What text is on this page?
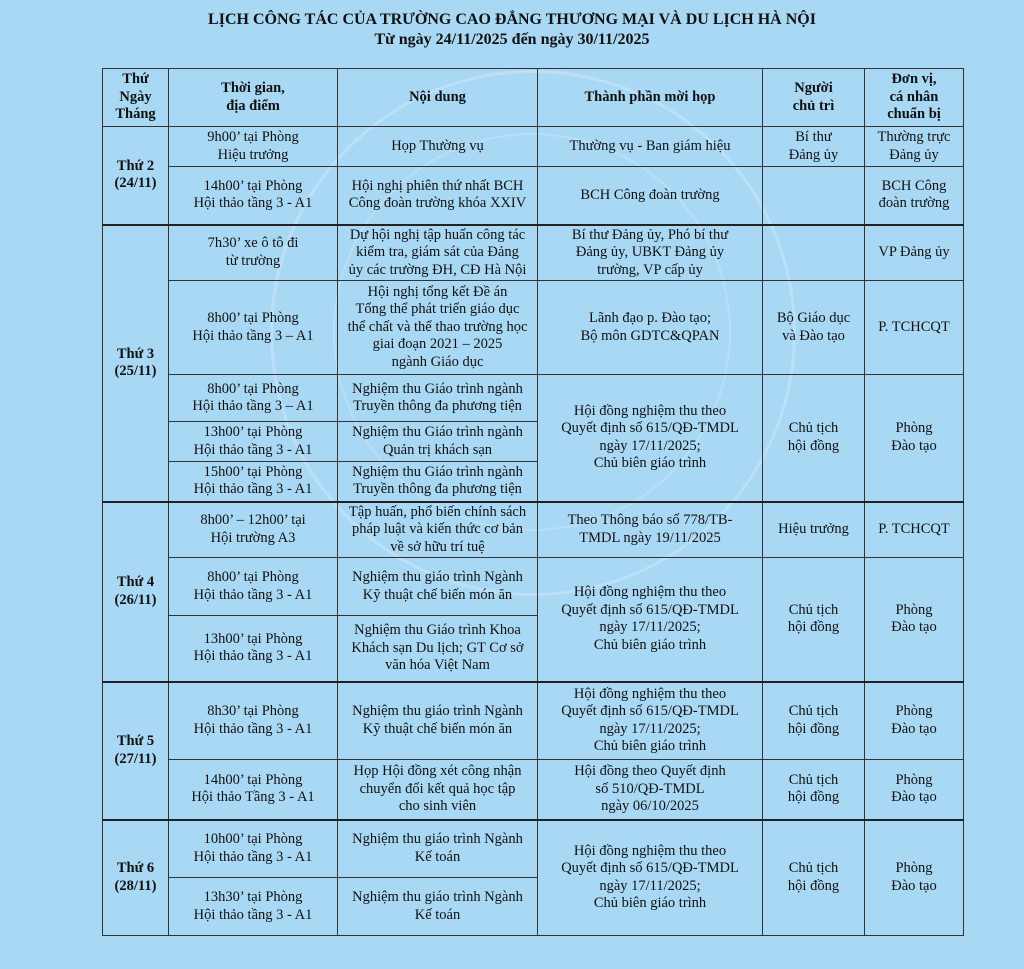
LỊCH CÔNG TÁC CỦA TRƯỜNG CAO ĐẲNG THƯƠNG MẠI VÀ DU LỊCH HÀ NỘI
Từ ngày 24/11/2025 đến ngày 30/11/2025
Thứ
Ngày
Tháng	Thời gian,
địa điểm	Nội dung	Thành phần mời họp	Người
chủ trì	Đơn vị,
cá nhân
chuẩn bị
Thứ 2
(24/11)	9h00’ tại Phòng
Hiệu trưởng	Họp Thường vụ	Thường vụ - Ban giám hiệu	Bí thư
Đảng ủy	Thường trực
Đảng ủy
	14h00’ tại Phòng
Hội thảo tầng 3 - A1	Hội nghị phiên thứ nhất BCH
Công đoàn trường khóa XXIV	BCH Công đoàn trường		BCH Công
đoàn trường
Thứ 3
(25/11)	7h30’ xe ô tô đi
từ trường	Dự hội nghị tập huấn công tác
kiểm tra, giám sát của Đảng
ủy các trường ĐH, CĐ Hà Nội	Bí thư Đảng ủy, Phó bí thư
Đảng ủy, UBKT Đảng ủy
trường, VP cấp ủy		VP Đảng ủy
	8h00’ tại Phòng
Hội thảo tầng 3 – A1	Hội nghị tổng kết Đề án
Tổng thể phát triển giáo dục
thể chất và thể thao trường học
giai đoạn 2021 – 2025
ngành Giáo dục	Lãnh đạo p. Đào tạo;
Bộ môn GDTC&QPAN	Bộ Giáo dục
và Đào tạo	P. TCHCQT
	8h00’ tại Phòng
Hội thảo tầng 3 – A1	Nghiệm thu Giáo trình ngành
Truyền thông đa phương tiện	Hội đồng nghiệm thu theo
Quyết định số 615/QĐ-TMDL
ngày 17/11/2025;
Chủ biên giáo trình	Chủ tịch
hội đồng	Phòng
Đào tạo
	13h00’ tại Phòng
Hội thảo tầng 3 - A1	Nghiệm thu Giáo trình ngành
Quản trị khách sạn			
	15h00’ tại Phòng
Hội thảo tầng 3 - A1	Nghiệm thu Giáo trình ngành
Truyền thông đa phương tiện			
Thứ 4
(26/11)	8h00’ – 12h00’ tại
Hội trường A3	Tập huấn, phổ biến chính sách
pháp luật và kiến thức cơ bản
về sở hữu trí tuệ	Theo Thông báo số 778/TB-
TMDL ngày 19/11/2025	Hiệu trưởng	P. TCHCQT
	8h00’ tại Phòng
Hội thảo tầng 3 - A1	Nghiệm thu giáo trình Ngành
Kỹ thuật chế biến món ăn	Hội đồng nghiệm thu theo
Quyết định số 615/QĐ-TMDL
ngày 17/11/2025;
Chủ biên giáo trình	Chủ tịch
hội đồng	Phòng
Đào tạo
	13h00’ tại Phòng
Hội thảo tầng 3 - A1	Nghiệm thu Giáo trình Khoa
Khách sạn Du lịch; GT Cơ sở
văn hóa Việt Nam			
Thứ 5
(27/11)	8h30’ tại Phòng
Hội thảo tầng 3 - A1	Nghiệm thu giáo trình Ngành
Kỹ thuật chế biến món ăn	Hội đồng nghiệm thu theo
Quyết định số 615/QĐ-TMDL
ngày 17/11/2025;
Chủ biên giáo trình	Chủ tịch
hội đồng	Phòng
Đào tạo
	14h00’ tại Phòng
Hội thảo Tầng 3 - A1	Họp Hội đồng xét công nhận
chuyển đổi kết quả học tập
cho sinh viên	Hội đồng theo Quyết định
số 510/QĐ-TMDL
ngày 06/10/2025	Chủ tịch
hội đồng	Phòng
Đào tạo
Thứ 6
(28/11)	10h00’ tại Phòng
Hội thảo tầng 3 - A1	Nghiệm thu giáo trình Ngành
Kế toán	Hội đồng nghiệm thu theo
Quyết định số 615/QĐ-TMDL
ngày 17/11/2025;
Chủ biên giáo trình	Chủ tịch
hội đồng	Phòng
Đào tạo
	13h30’ tại Phòng
Hội thảo tầng 3 - A1	Nghiệm thu giáo trình Ngành
Kế toán			
